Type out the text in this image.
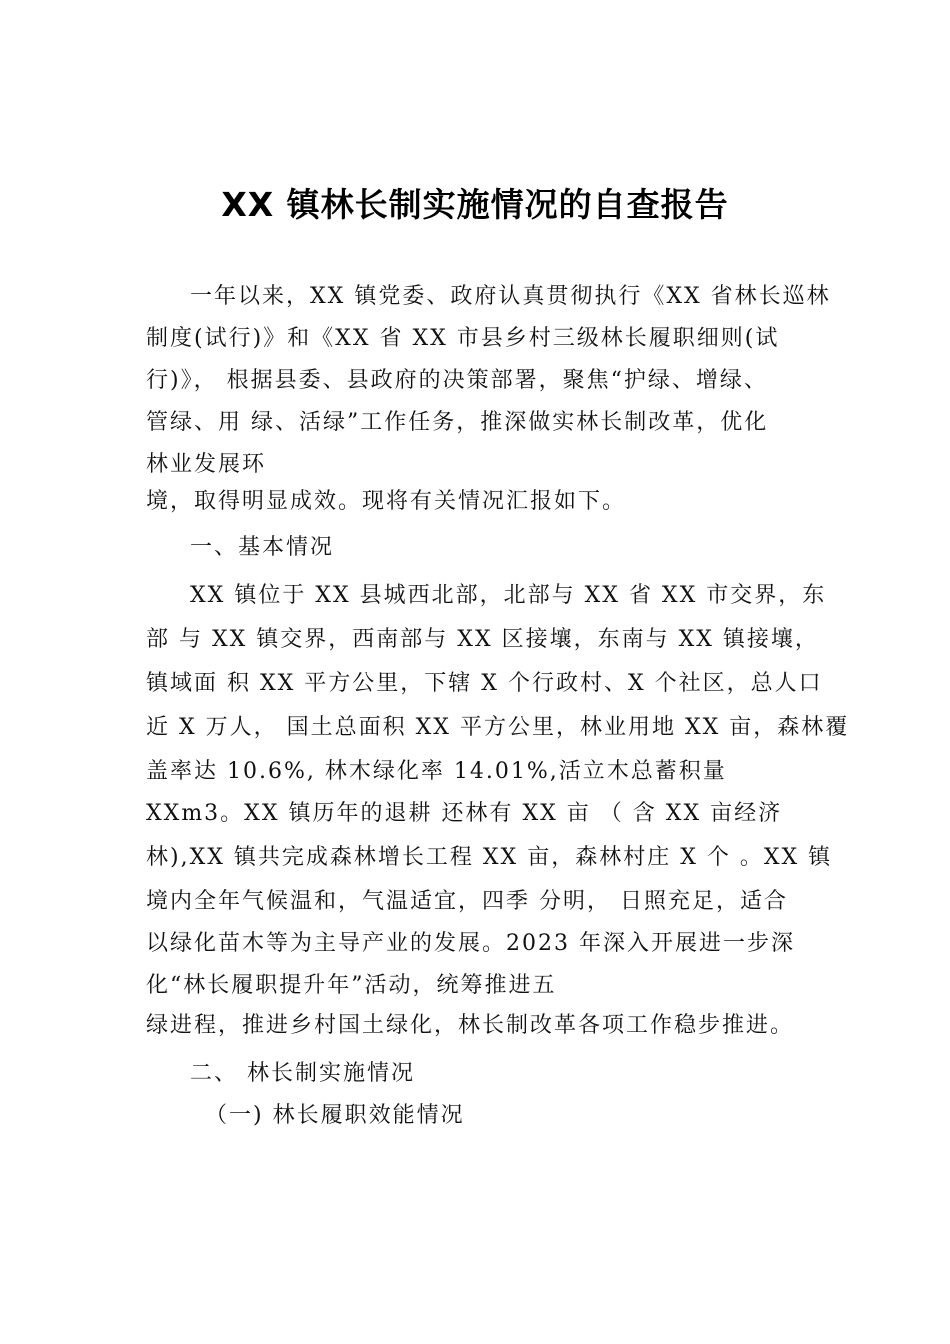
XX 镇林长制实施情况的自查报告
一年以来，XX 镇党委、政府认真贯彻执行《XX 省林长巡林
制度(试行)》和《XX 省 XX 市县乡村三级林长履职细则(试
行)》， 根据县委、县政府的决策部署，聚焦“护绿、增绿、
管绿、用 绿、活绿”工作任务，推深做实林长制改革，优化
林业发展环
境，取得明显成效。现将有关情况汇报如下。
一、基本情况
XX 镇位于 XX 县城西北部，北部与 XX 省 XX 市交界，东
部 与 XX 镇交界，西南部与 XX 区接壤，东南与 XX 镇接壤，
镇域面 积 XX 平方公里，下辖 X 个行政村、X 个社区，总人口
近 X 万人， 国土总面积 XX 平方公里，林业用地 XX 亩，森林覆
盖率达 10.6%, 林木绿化率 14.01%,活立木总蓄积量
XXm3。XX 镇历年的退耕 还林有 XX 亩 （ 含 XX 亩经济
林),XX 镇共完成森林增长工程 XX 亩，森林村庄 X 个 。XX 镇
境内全年气候温和，气温适宜，四季 分明， 日照充足，适合
以绿化苗木等为主导产业的发展。2023 年深入开展进一步深
化“林长履职提升年”活动，统筹推进五
绿进程，推进乡村国土绿化，林长制改革各项工作稳步推进。
二、 林长制实施情况
（一) 林长履职效能情况
